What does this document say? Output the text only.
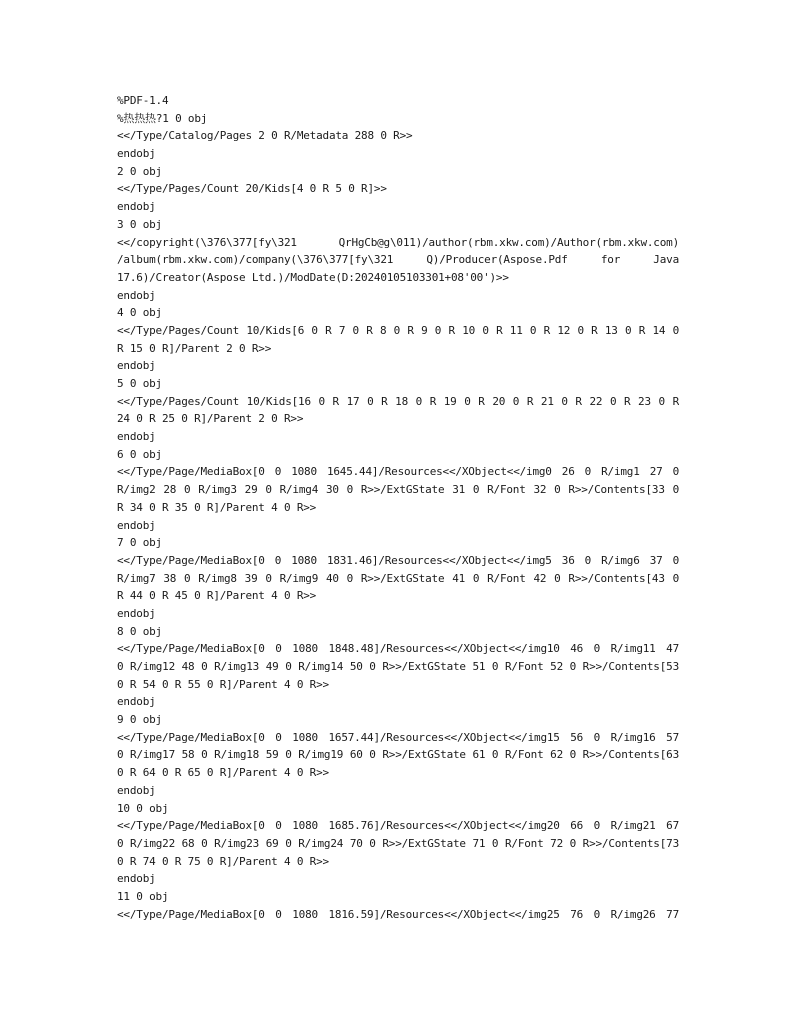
%PDF-1.4
%热热热?1 0 obj
<</Type/Catalog/Pages 2 0 R/Metadata 288 0 R>>
endobj
2 0 obj
<</Type/Pages/Count 20/Kids[4 0 R 5 0 R]>>
endobj
3 0 obj
<</copyright(\376\377[fy\321 QrHgCb@g\011)/author(rbm.xkw.com)/Author(rbm.xkw.com)
/album(rbm.xkw.com)/company(\376\377[fy\321 Q)/Producer(Aspose.Pdf for Java
17.6)/Creator(Aspose Ltd.)/ModDate(D:20240105103301+08'00')>>
endobj
4 0 obj
<</Type/Pages/Count 10/Kids[6 0 R 7 0 R 8 0 R 9 0 R 10 0 R 11 0 R 12 0 R 13 0 R 14 0
R 15 0 R]/Parent 2 0 R>>
endobj
5 0 obj
<</Type/Pages/Count 10/Kids[16 0 R 17 0 R 18 0 R 19 0 R 20 0 R 21 0 R 22 0 R 23 0 R
24 0 R 25 0 R]/Parent 2 0 R>>
endobj
6 0 obj
<</Type/Page/MediaBox[0 0 1080 1645.44]/Resources<</XObject<</img0 26 0 R/img1 27 0
R/img2 28 0 R/img3 29 0 R/img4 30 0 R>>/ExtGState 31 0 R/Font 32 0 R>>/Contents[33 0
R 34 0 R 35 0 R]/Parent 4 0 R>>
endobj
7 0 obj
<</Type/Page/MediaBox[0 0 1080 1831.46]/Resources<</XObject<</img5 36 0 R/img6 37 0
R/img7 38 0 R/img8 39 0 R/img9 40 0 R>>/ExtGState 41 0 R/Font 42 0 R>>/Contents[43 0
R 44 0 R 45 0 R]/Parent 4 0 R>>
endobj
8 0 obj
<</Type/Page/MediaBox[0 0 1080 1848.48]/Resources<</XObject<</img10 46 0 R/img11 47
0 R/img12 48 0 R/img13 49 0 R/img14 50 0 R>>/ExtGState 51 0 R/Font 52 0 R>>/Contents[53
0 R 54 0 R 55 0 R]/Parent 4 0 R>>
endobj
9 0 obj
<</Type/Page/MediaBox[0 0 1080 1657.44]/Resources<</XObject<</img15 56 0 R/img16 57
0 R/img17 58 0 R/img18 59 0 R/img19 60 0 R>>/ExtGState 61 0 R/Font 62 0 R>>/Contents[63
0 R 64 0 R 65 0 R]/Parent 4 0 R>>
endobj
10 0 obj
<</Type/Page/MediaBox[0 0 1080 1685.76]/Resources<</XObject<</img20 66 0 R/img21 67
0 R/img22 68 0 R/img23 69 0 R/img24 70 0 R>>/ExtGState 71 0 R/Font 72 0 R>>/Contents[73
0 R 74 0 R 75 0 R]/Parent 4 0 R>>
endobj
11 0 obj
<</Type/Page/MediaBox[0 0 1080 1816.59]/Resources<</XObject<</img25 76 0 R/img26 77
